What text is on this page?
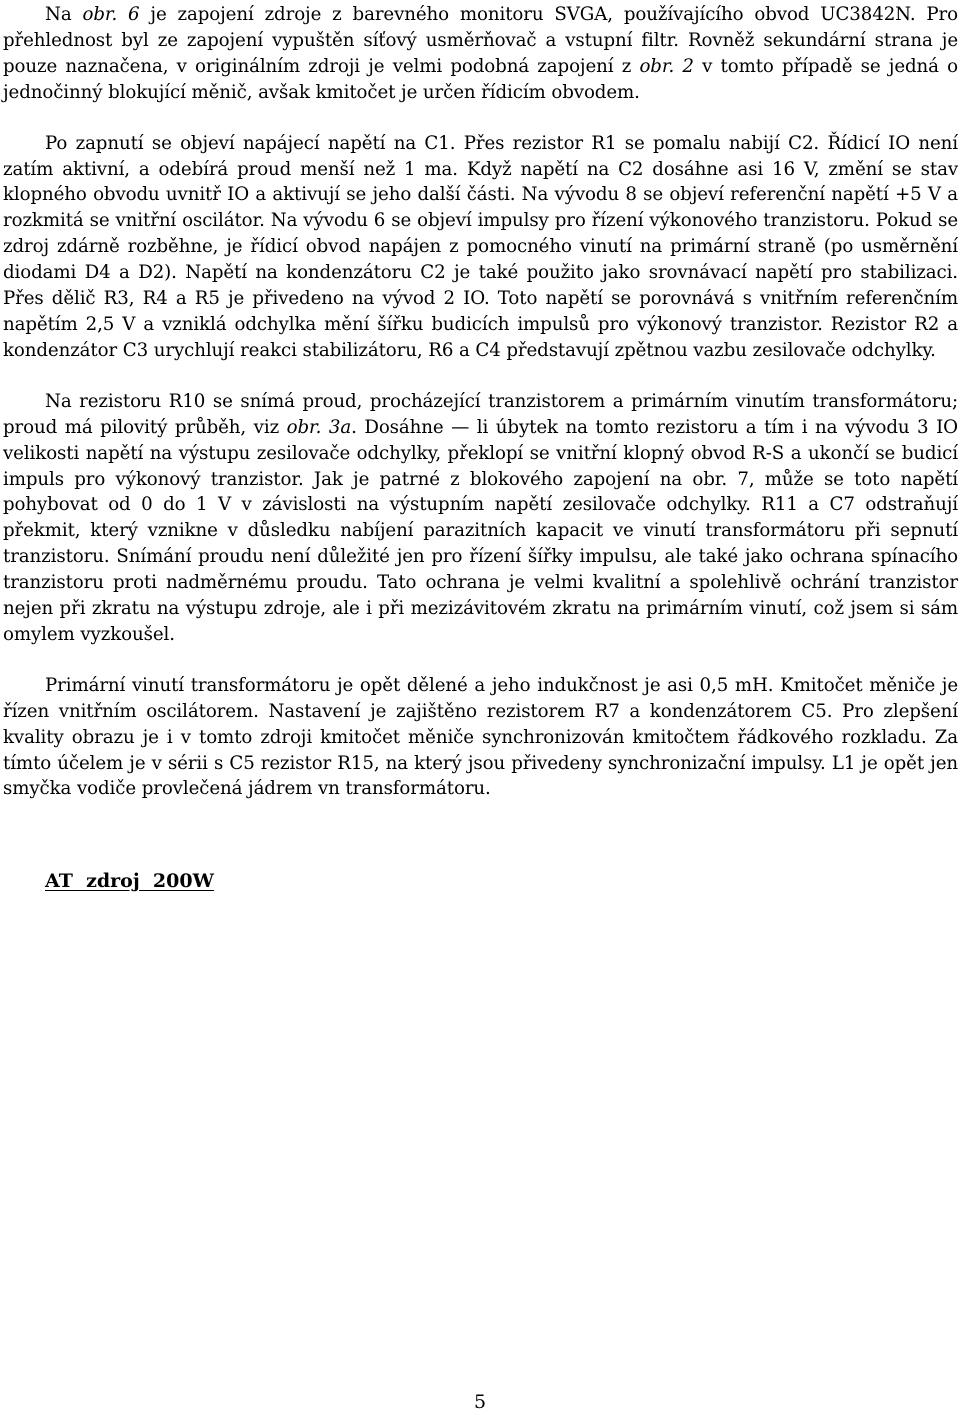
Na obr. 6 je zapojení zdroje z barevného monitoru SVGA, používajícího obvod UC3842N. Pro přehlednost byl ze zapojení vypuštěn síťový usměrňovač a vstupní filtr. Rovněž sekundární strana je pouze naznačena, v originálním zdroji je velmi podobná zapojení z obr. 2 v tomto případě se jedná o jednočinný blokující měnič, avšak kmitočet je určen řídicím obvodem.

Po zapnutí se objeví napájecí napětí na C1. Přes rezistor R1 se pomalu nabijí C2. Řídicí IO není zatím aktivní, a odebírá proud menší než 1 ma. Když napětí na C2 dosáhne asi 16 V, změní se stav klopného obvodu uvnitř IO a aktivují se jeho další části. Na vývodu 8 se objeví referenční napětí +5 V a rozkmitá se vnitřní oscilátor. Na vývodu 6 se objeví impulsy pro řízení výkonového tranzistoru. Pokud se zdroj zdárně rozběhne, je řídicí obvod napájen z pomocného vinutí na primární straně (po usměrnění diodami D4 a D2). Napětí na kondenzátoru C2 je také použito jako srovnávací napětí pro stabilizaci. Přes dělič R3, R4 a R5 je přivedeno na vývod 2 IO. Toto napětí se porovnává s vnitřním referenčním napětím 2,5 V a vzniklá odchylka mění šířku budicích impulsů pro výkonový tranzistor. Rezistor R2 a kondenzátor C3 urychlují reakci stabilizátoru, R6 a C4 představují zpětnou vazbu zesilovače odchylky.

Na rezistoru R10 se snímá proud, procházející tranzistorem a primárním vinutím transformátoru; proud má pilovitý průběh, viz obr. 3a. Dosáhne — li úbytek na tomto rezistoru a tím i na vývodu 3 IO velikosti napětí na výstupu zesilovače odchylky, překlopí se vnitřní klopný obvod R-S a ukončí se budicí impuls pro výkonový tranzistor. Jak je patrné z blokového zapojení na obr. 7, může se toto napětí pohybovat od 0 do 1 V v závislosti na výstupním napětí zesilovače odchylky. R11 a C7 odstraňují překmit, který vznikne v důsledku nabíjení parazitních kapacit ve vinutí transformátoru při sepnutí tranzistoru. Snímání proudu není důležité jen pro řízení šířky impulsu, ale také jako ochrana spínacího tranzistoru proti nadměrnému proudu. Tato ochrana je velmi kvalitní a spolehlivě ochrání tranzistor nejen při zkratu na výstupu zdroje, ale i při mezizávitovém zkratu na primárním vinutí, což jsem si sám omylem vyzkoušel.

Primární vinutí transformátoru je opět dělené a jeho indukčnost je asi 0,5 mH. Kmitočet měniče je řízen vnitřním oscilátorem. Nastavení je zajištěno rezistorem R7 a kondenzátorem C5. Pro zlepšení kvality obrazu je i v tomto zdroji kmitočet měniče synchronizován kmitočtem řádkového rozkladu. Za tímto účelem je v sérii s C5 rezistor R15, na který jsou přivedeny synchronizační impulsy. L1 je opět jen smyčka vodiče provlečená jádrem vn transformátoru.

AT  zdroj  200W
5
